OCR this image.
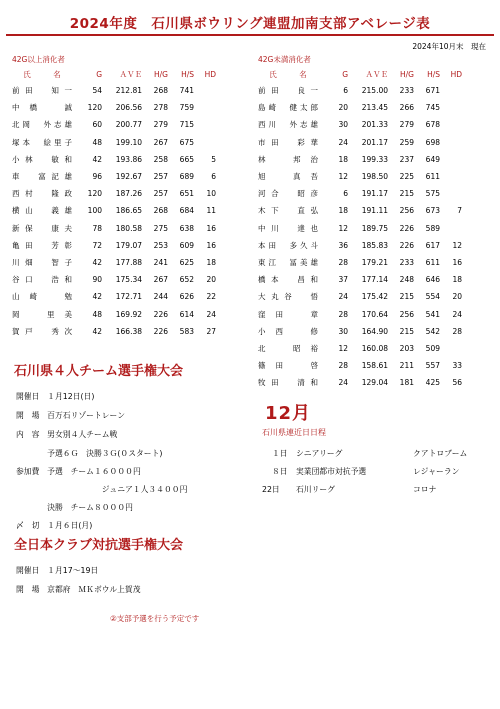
2024年度　石川県ボウリング連盟加南支部アベレージ表
2024年10月末　現在
42G以上消化者
氏	名	G	ＡＶＥ	H/G	H/S	HD
前田　知一	54	212.81	268	741
中橋　誠	120	206.56	278	759
北岡　外志雄	60	200.77	279	715
塚本　絵里子	48	199.10	267	675
小林　敏和	42	193.86	258	665	5
車　富記雄	96	192.67	257	689	6
西村　隆政	120	187.26	257	651	10
横山　義雄	100	186.65	268	684	11
新保　康夫	78	180.58	275	638	16
亀田　芳彰	72	179.07	253	609	16
川畑　智子	42	177.88	241	625	18
谷口　浩和	90	175.34	267	652	20
山崎　勉	42	172.71	244	626	22
岡　里美	48	169.92	226	614	24
賀戸　秀次	42	166.38	226	583	27
42G未満消化者
氏	名	G	ＡＶＥ	H/G	H/S	HD
前田　良一	6	215.00	233	671
島崎　健太郎	20	213.45	266	745
西川　外志雄	30	201.33	279	678
市田　彩華	24	201.17	259	698
林　邦治	18	199.33	237	649
旭　真吾	12	198.50	225	611
河合　昭彦	6	191.17	215	575
木下　直弘	18	191.11	256	673	7
中川　達也	12	189.75	226	589
本田　多久斗	36	185.83	226	617	12
東江　冨美雄	28	179.21	233	611	16
橋本　昌和	37	177.14	248	646	18
大丸谷　悟	24	175.42	215	554	20
窪田　章	28	170.64	256	541	24
小西　修	30	164.90	215	542	28
北　昭裕	12	160.08	203	509
篠田　啓	28	158.61	211	557	33
牧田　清和	24	129.04	181	425	56
石川県４人チーム選手権大会
開催日　１月12日(日)
開　場　百万石リゾートレーン
内　容　男女別４人チーム戦
　　　　予選６Ｇ　決勝３Ｇ(０スタート)
参加費　予選　チーム１６０００円
　　　　　　　　　　　ジュニア１人３４００円
　　　　決勝　チーム８０００円
〆　切　１月６日(月)
全日本クラブ対抗選手権大会
開催日　１月17～19日
開　場　京都府　ＭＫボウル上賀茂
②支部予選を行う予定です
12月
石川県連近日日程
１日 シニアリーグ	クアトロブーム
８日 実業団都市対抗予選	レジャーラン
22日 石川リーグ	コロナ
